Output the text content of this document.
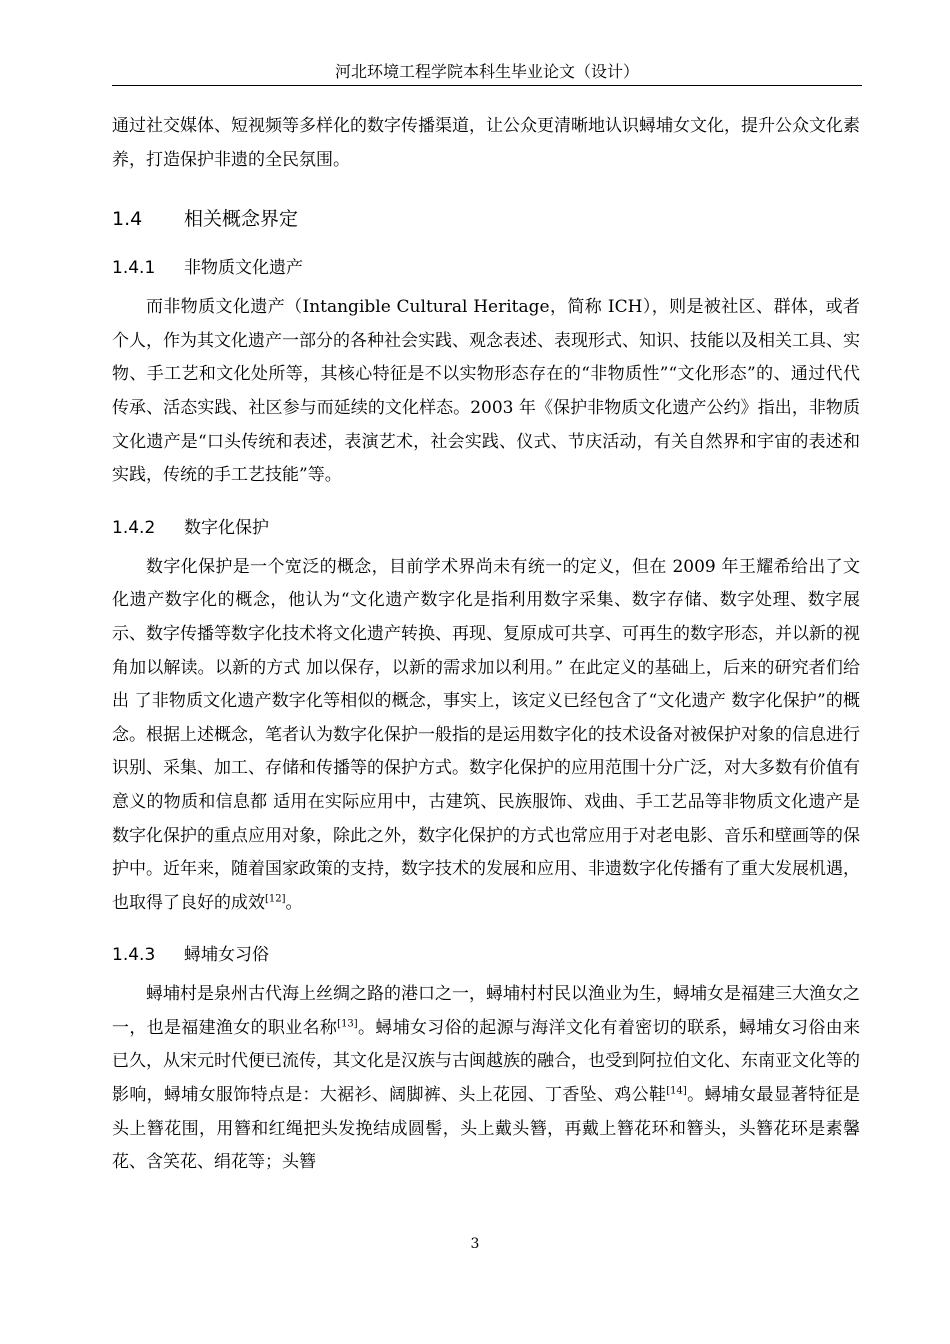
河北环境工程学院本科生毕业论文（设计）

通过社交媒体、短视频等多样化的数字传播渠道，让公众更清晰地认识蟳埔女文化，提升公众文化素养，打造保护非遗的全民氛围。

1.4 相关概念界定
1.4.1 非物质文化遗产

而非物质文化遗产（Intangible Cultural Heritage，简称 ICH），则是被社区、群体，或者个人，作为其文化遗产一部分的各种社会实践、观念表述、表现形式、知识、技能以及相关工具、实物、手工艺和文化处所等，其核心特征是不以实物形态存在的“非物质性”“文化形态”的、通过代代传承、活态实践、社区参与而延续的文化样态。2003 年《保护非物质文化遗产公约》指出，非物质文化遗产是“口头传统和表述，表演艺术，社会实践、仪式、节庆活动，有关自然界和宇宙的表述和实践，传统的手工艺技能”等。

1.4.2 数字化保护

数字化保护是一个宽泛的概念，目前学术界尚未有统一的定义，但在 2009 年王耀希给出了文化遗产数字化的概念，他认为“文化遗产数字化是指利用数字采集、数字存储、数字处理、数字展示、数字传播等数字化技术将文化遗产转换、再现、复原成可共享、可再生的数字形态，并以新的视角加以解读。以新的方式 加以保存，以新的需求加以利用。” 在此定义的基础上，后来的研究者们给出 了非物质文化遗产数字化等相似的概念，事实上，该定义已经包含了“文化遗产 数字化保护”的概念。根据上述概念，笔者认为数字化保护一般指的是运用数字化的技术设备对被保护对象的信息进行识别、采集、加工、存储和传播等的保护方式。数字化保护的应用范围十分广泛，对大多数有价值有意义的物质和信息都 适用在实际应用中，古建筑、民族服饰、戏曲、手工艺品等非物质文化遗产是数字化保护的重点应用对象，除此之外，数字化保护的方式也常应用于对老电影、音乐和壁画等的保护中。近年来，随着国家政策的支持，数字技术的发展和应用、非遗数字化传播有了重大发展机遇，也取得了良好的成效[12]。

1.4.3 蟳埔女习俗

蟳埔村是泉州古代海上丝绸之路的港口之一，蟳埔村村民以渔业为生，蟳埔女是福建三大渔女之一，也是福建渔女的职业名称[13]。蟳埔女习俗的起源与海洋文化有着密切的联系，蟳埔女习俗由来已久，从宋元时代便已流传，其文化是汉族与古闽越族的融合，也受到阿拉伯文化、东南亚文化等的影响，蟳埔女服饰特点是：大裾衫、阔脚裤、头上花园、丁香坠、鸡公鞋[14]。蟳埔女最显著特征是头上簪花围，用簪和红绳把头发挽结成圆髻，头上戴头簪，再戴上簪花环和簪头，头簪花环是素馨花、含笑花、绢花等；头簪

3
